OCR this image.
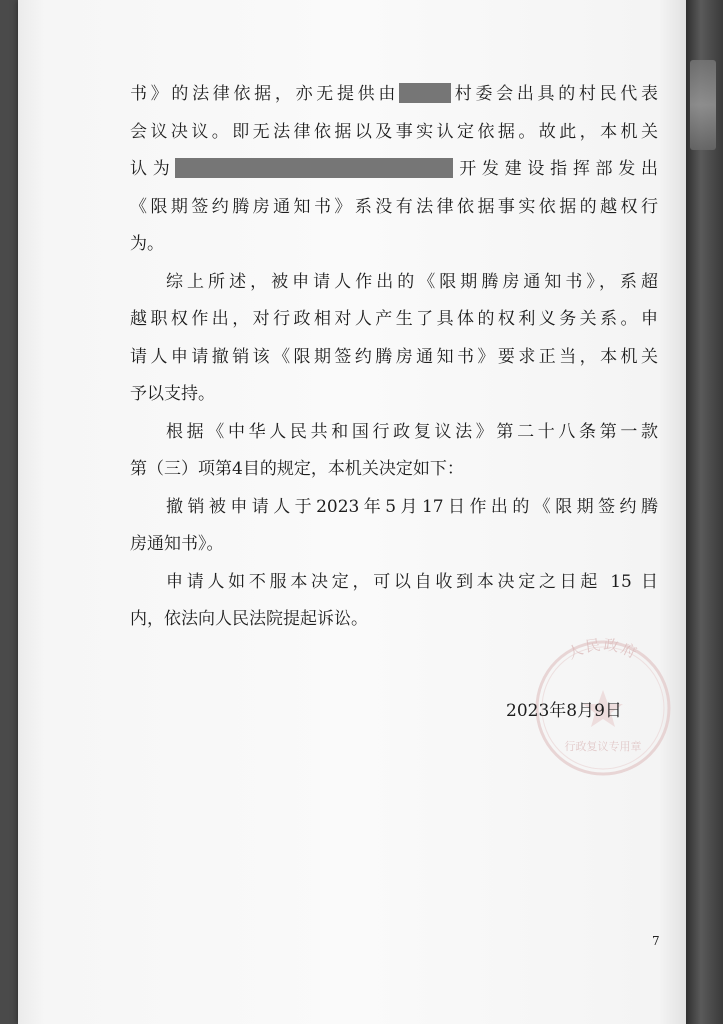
书》的法律依据，亦无提供由	村委会出具的村民代表
会议决议。即无法律依据以及事实认定依据。故此，本机关
认为	开发建设指挥部发出
《限期签约腾房通知书》系没有法律依据事实依据的越权行
为。
综上所述，被申请人作出的《限期腾房通知书》，系超
越职权作出，对行政相对人产生了具体的权利义务关系。申
请人申请撤销该《限期签约腾房通知书》要求正当，本机关
予以支持。
根据《中华人民共和国行政复议法》第二十八条第一款
第（三）项第4目的规定，本机关决定如下：
撤销被申请人于2023年5月17日作出的《限期签约腾
房通知书》。
申请人如不服本决定，可以自收到本决定之日起 15 日
内，依法向人民法院提起诉讼。
人民政府
行政复议专用章
2023年8月9日
7
